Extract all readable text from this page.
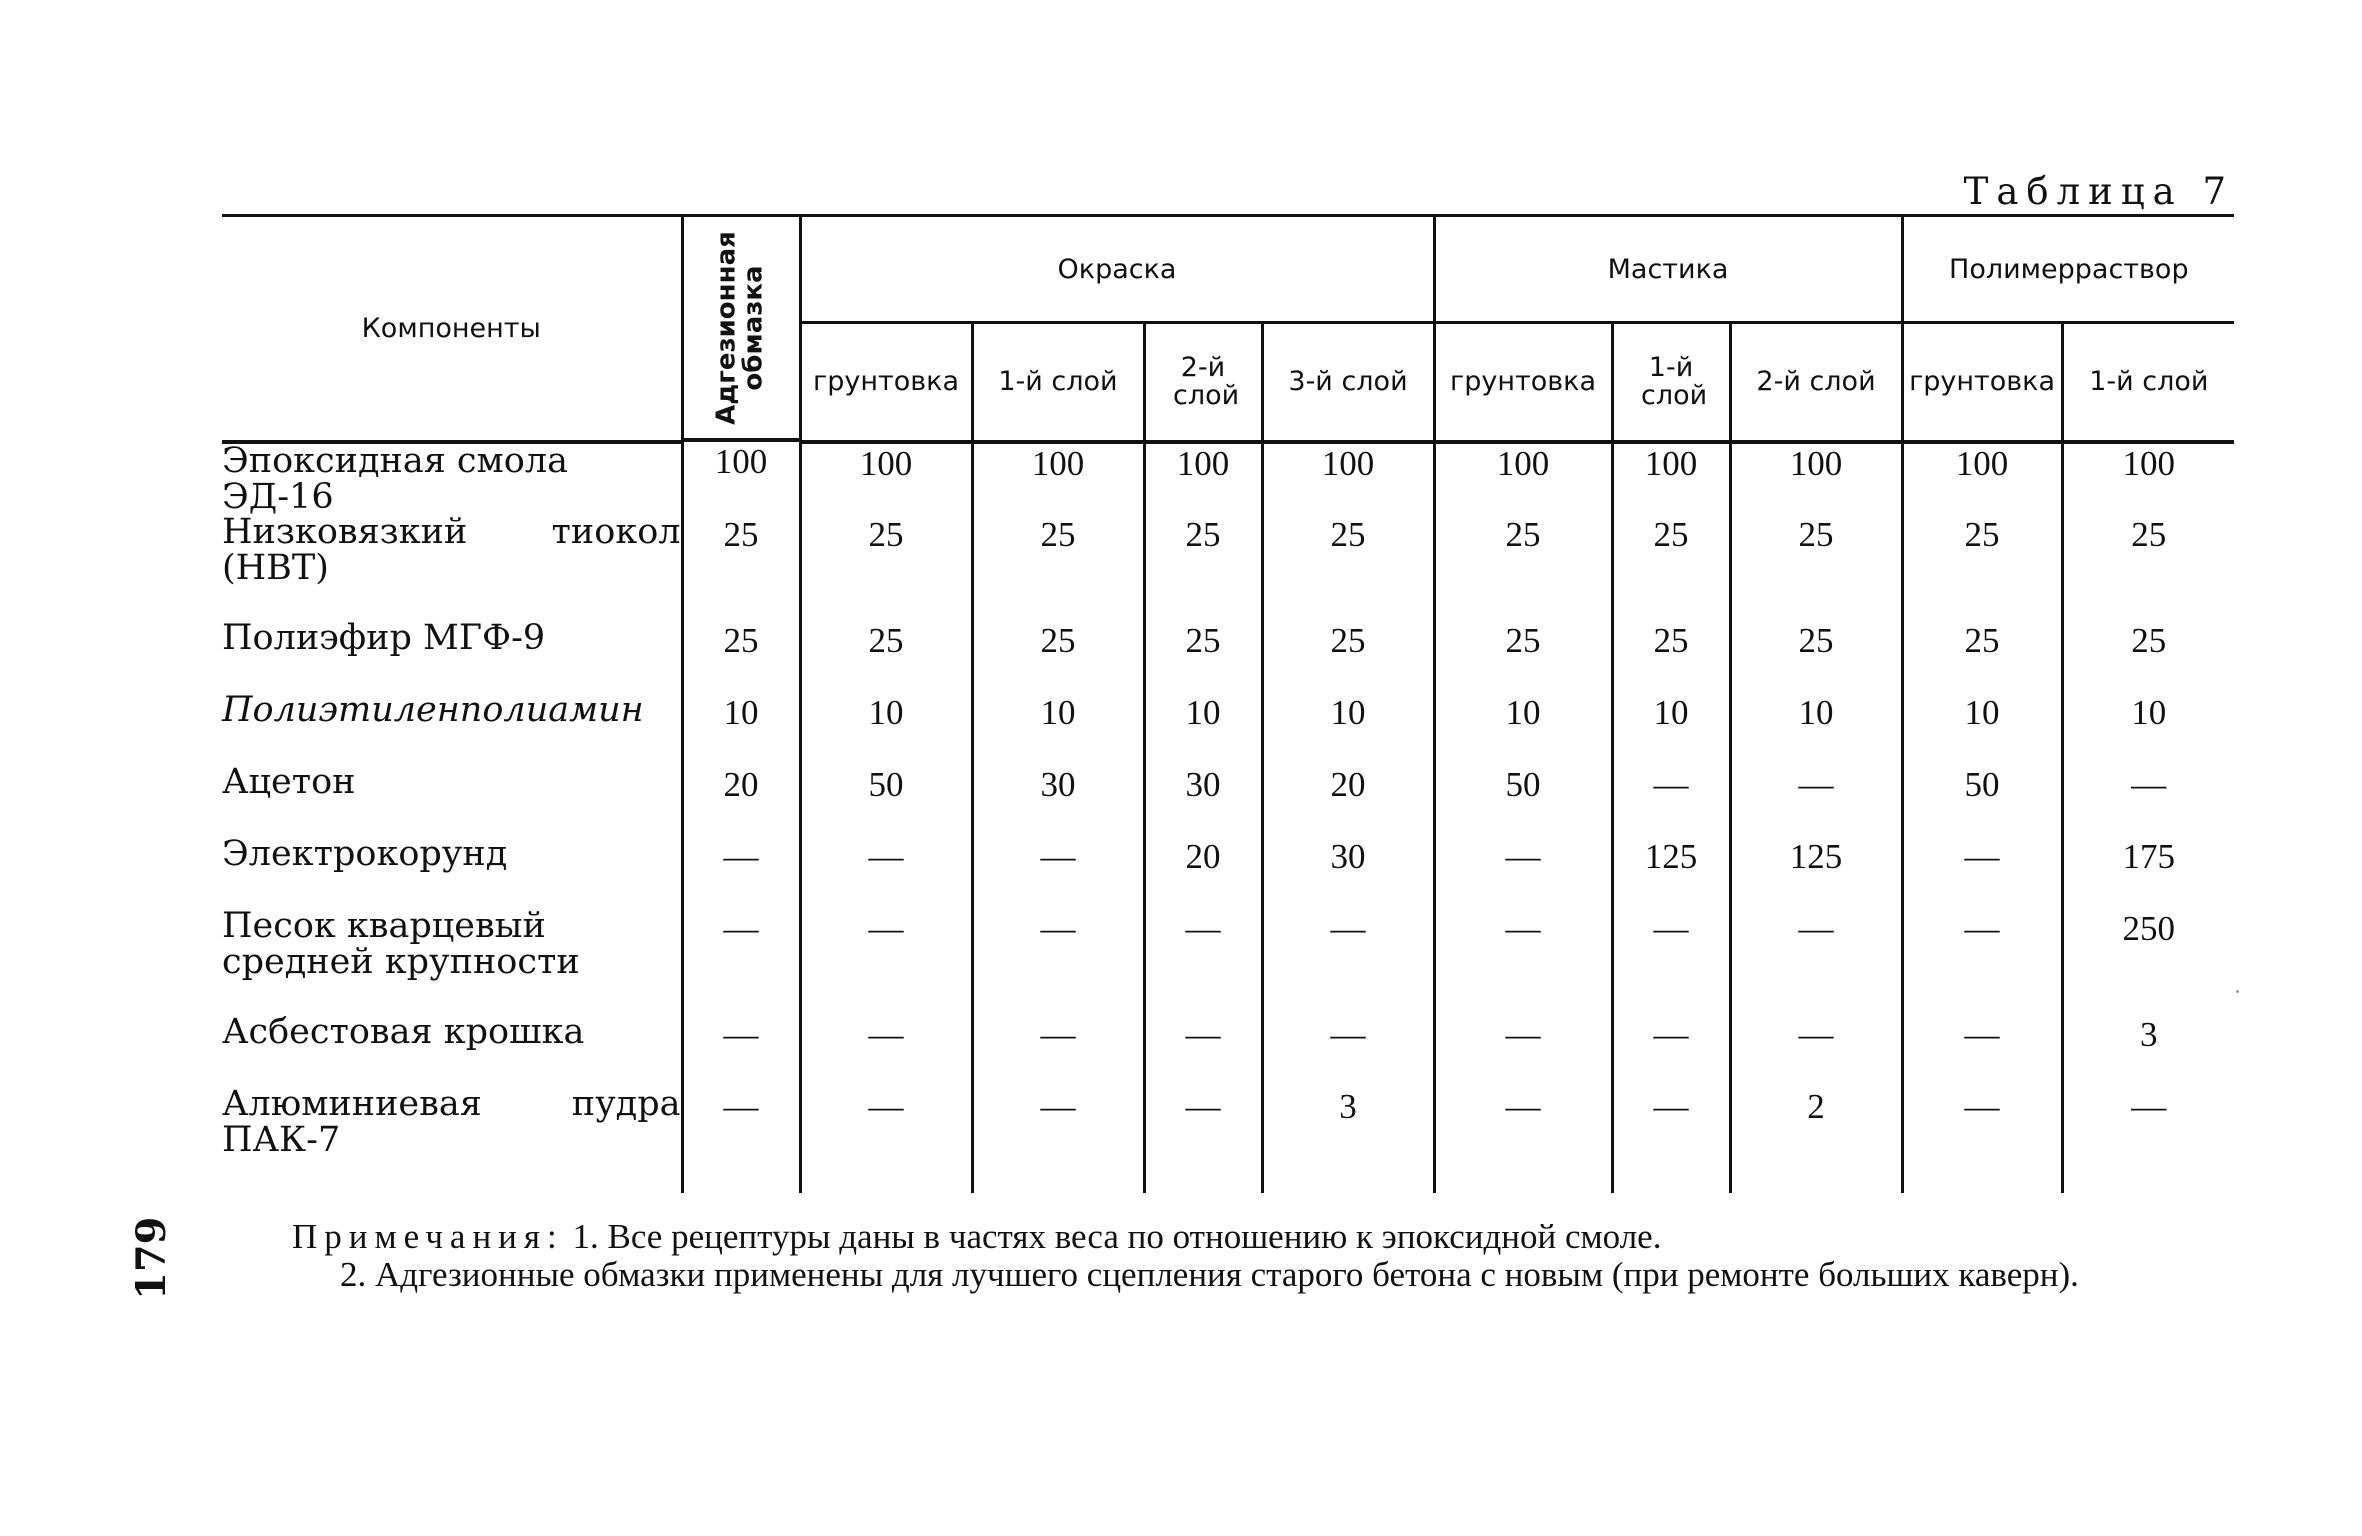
Таблица 7
Компоненты	Адгезионная обмазка	Окраска				Мастика			Полимерраствор	
		грунтовка	1-й слой	2-й слой	3-й слой	грунтовка	1-й слой	2-й слой	грунтовка	1-й слой
Эпоксидная смола ЭД-16	100	100	100	100	100	100	100	100	100	100
Низковязкий тиокол (НВТ)	25	25	25	25	25	25	25	25	25	25
Полиэфир МГФ-9	25	25	25	25	25	25	25	25	25	25
Полиэтиленполиамин	10	10	10	10	10	10	10	10	10	10
Ацетон	20	50	30	30	20	50	—	—	50	—
Электрокорунд	—	—	—	20	30	—	125	125	—	175
Песок кварцевый средней крупности	—	—	—	—	—	—	—	—	—	250
Асбестовая крошка	—	—	—	—	—	—	—	—	—	3
Алюминиевая пудра ПАК-7	—	—	—	—	3	—	—	2	—	—

Примечания: 1. Все рецептуры даны в частях веса по отношению к эпоксидной смоле.

2. Адгезионные обмазки применены для лучшего сцепления старого бетона с новым (при ремонте больших каверн).

179
